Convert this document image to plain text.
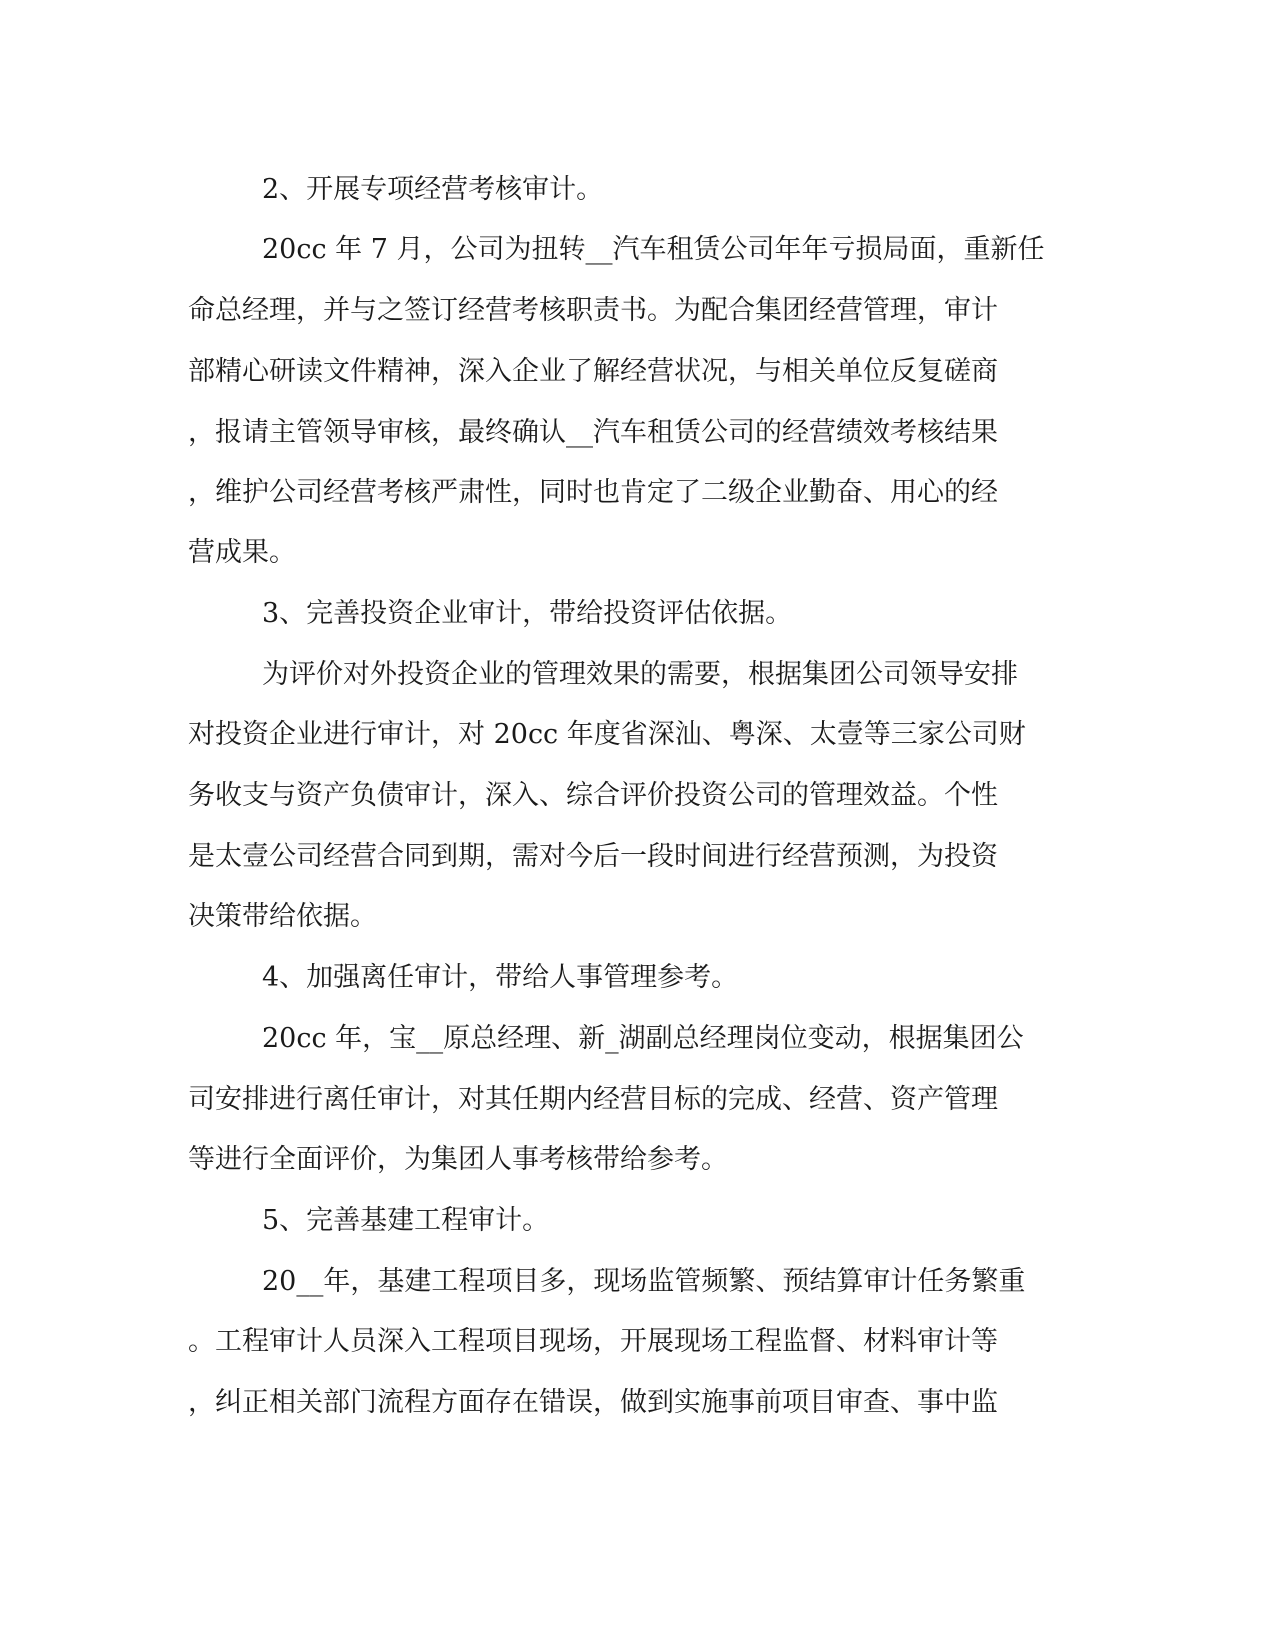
2、开展专项经营考核审计。
20cc 年 7 月，公司为扭转__汽车租赁公司年年亏损局面，重新任
命总经理，并与之签订经营考核职责书。为配合集团经营管理，审计
部精心研读文件精神，深入企业了解经营状况，与相关单位反复磋商
，报请主管领导审核，最终确认__汽车租赁公司的经营绩效考核结果
，维护公司经营考核严肃性，同时也肯定了二级企业勤奋、用心的经
营成果。
3、完善投资企业审计，带给投资评估依据。
为评价对外投资企业的管理效果的需要，根据集团公司领导安排
对投资企业进行审计，对 20cc 年度省深汕、粤深、太壹等三家公司财
务收支与资产负债审计，深入、综合评价投资公司的管理效益。个性
是太壹公司经营合同到期，需对今后一段时间进行经营预测，为投资
决策带给依据。
4、加强离任审计，带给人事管理参考。
20cc 年，宝__原总经理、新_湖副总经理岗位变动，根据集团公
司安排进行离任审计，对其任期内经营目标的完成、经营、资产管理
等进行全面评价，为集团人事考核带给参考。
5、完善基建工程审计。
20__年，基建工程项目多，现场监管频繁、预结算审计任务繁重
。工程审计人员深入工程项目现场，开展现场工程监督、材料审计等
，纠正相关部门流程方面存在错误，做到实施事前项目审查、事中监
